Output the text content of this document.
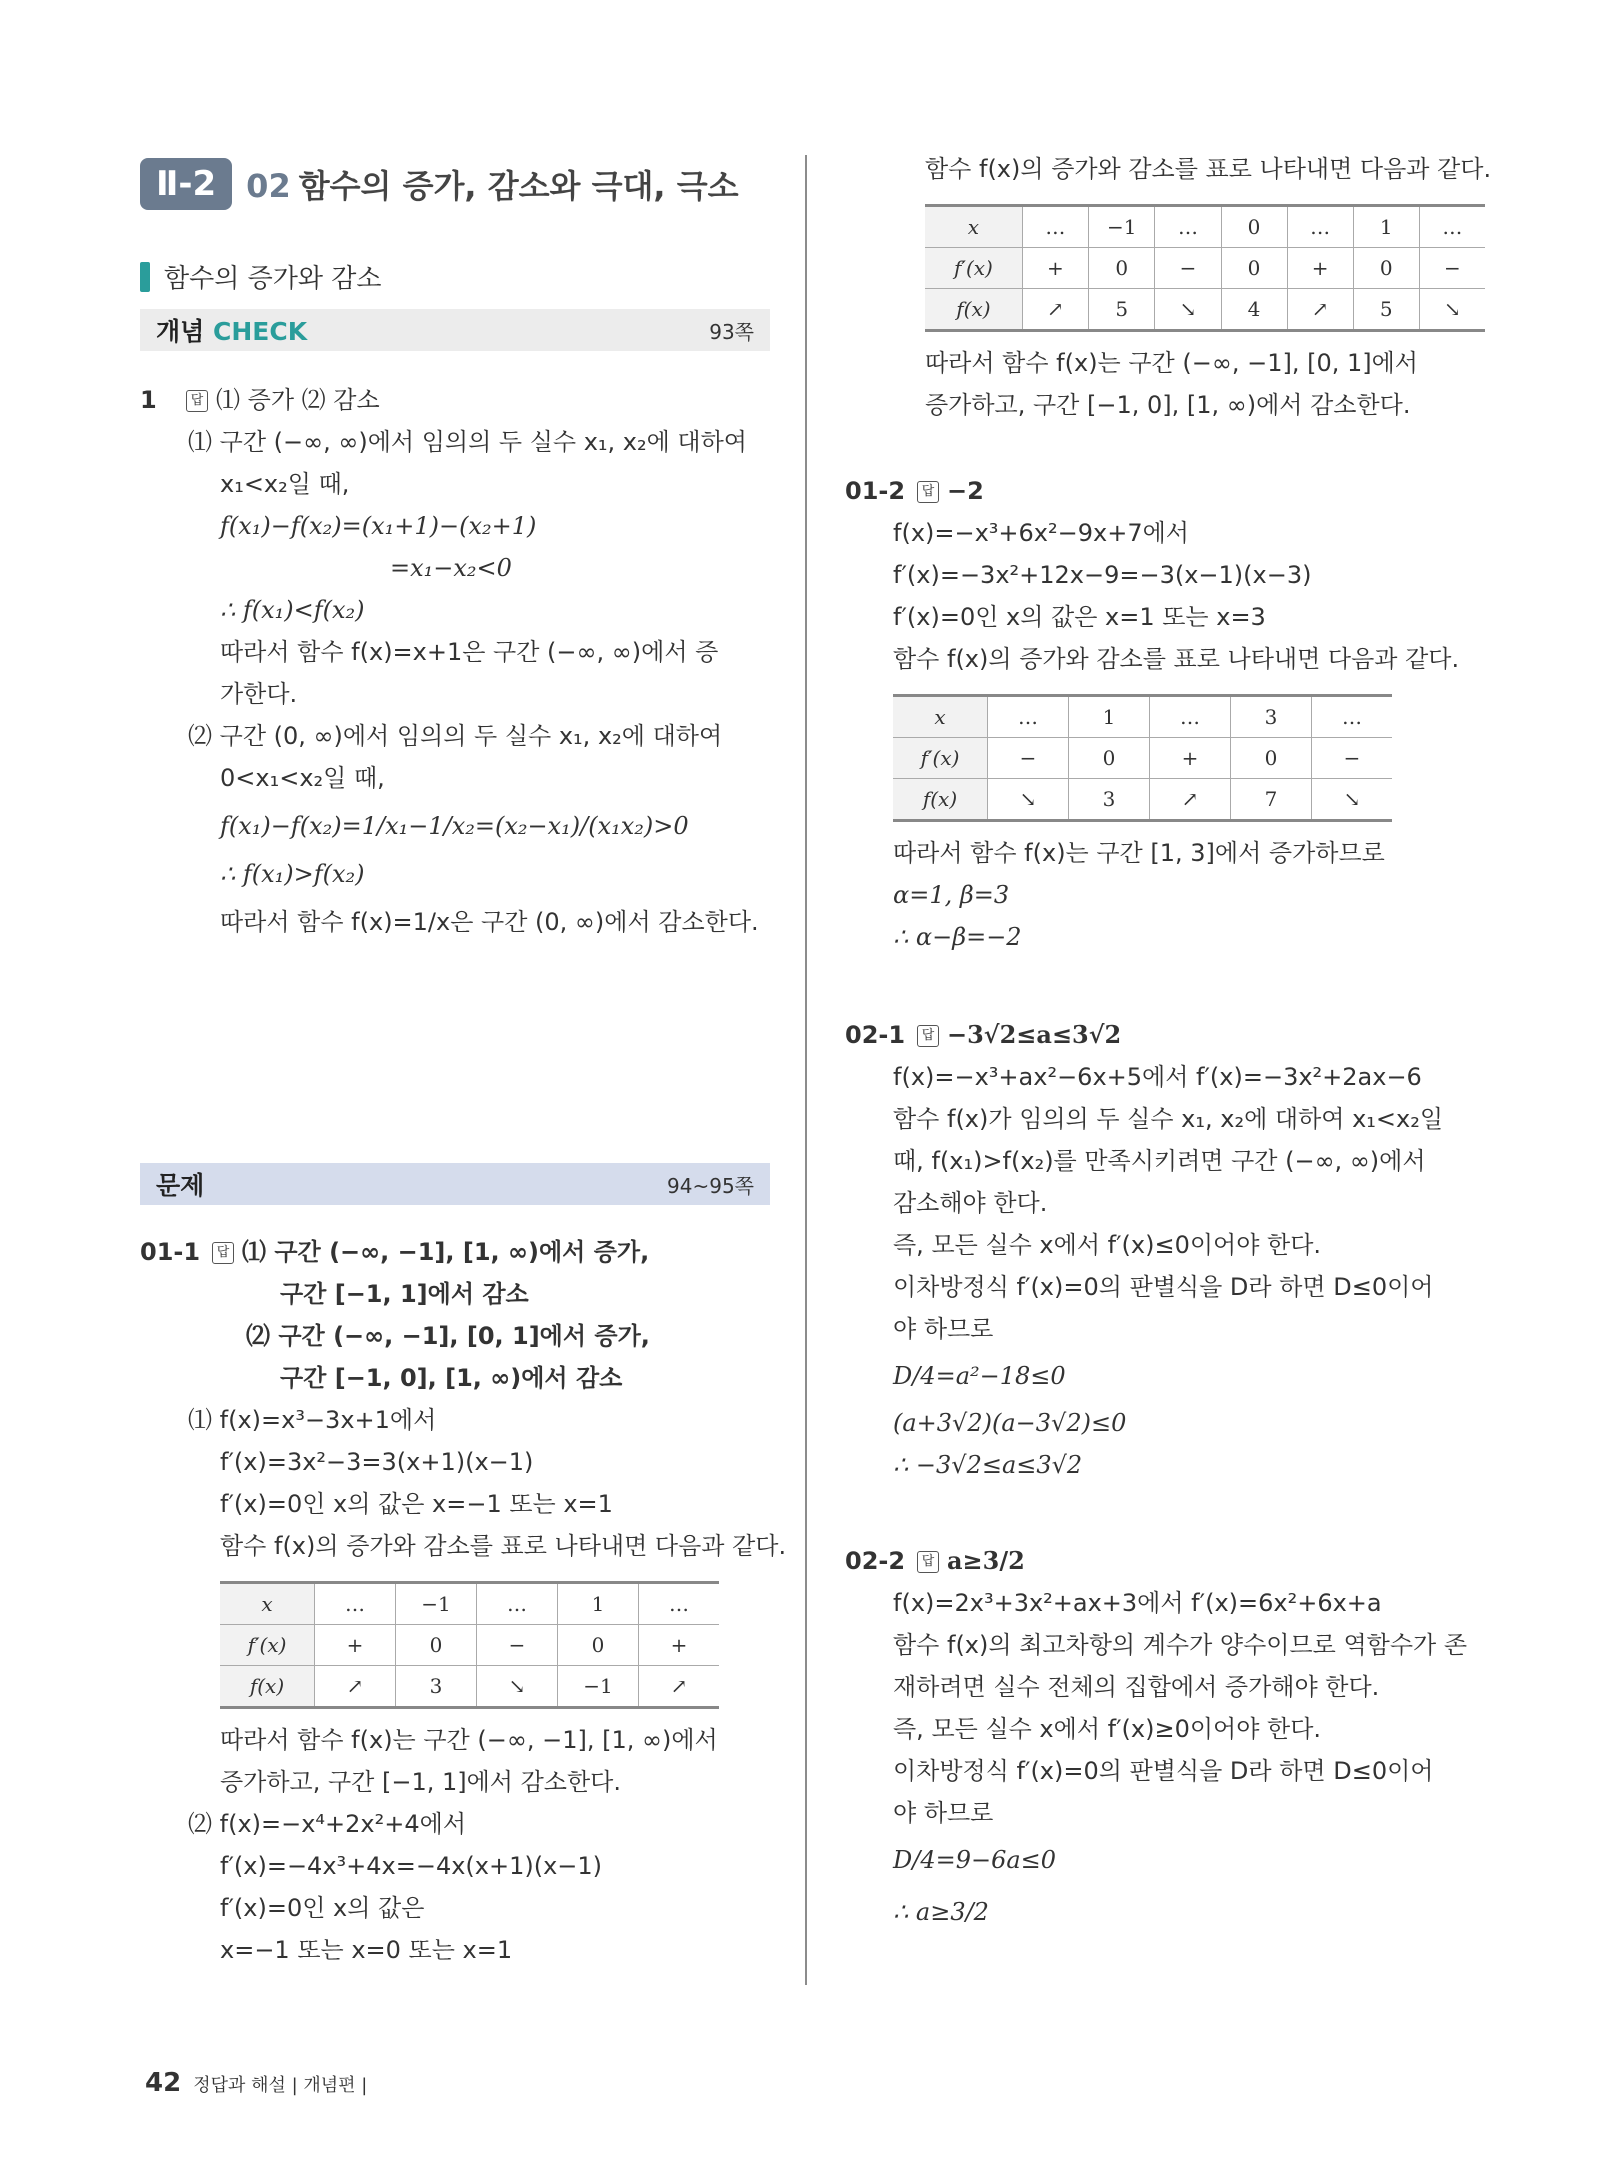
Ⅱ-2 02 함수의 증가, 감소와 극대, 극소
함수의 증가와 감소
개념 CHECK	93쪽
1	답 ⑴ 증가 ⑵ 감소
⑴ 구간 (−∞, ∞)에서 임의의 두 실수 x₁, x₂에 대하여
x₁<x₂일 때,
f(x₁)−f(x₂)=(x₁+1)−(x₂+1)
=x₁−x₂<0
∴ f(x₁)<f(x₂)
따라서 함수 f(x)=x+1은 구간 (−∞, ∞)에서 증
가한다.
⑵ 구간 (0, ∞)에서 임의의 두 실수 x₁, x₂에 대하여
0<x₁<x₂일 때,
f(x₁)−f(x₂)=1/x₁−1/x₂=(x₂−x₁)/(x₁x₂)>0
∴ f(x₁)>f(x₂)
따라서 함수 f(x)=1/x은 구간 (0, ∞)에서 감소한다.
문제	94~95쪽
01-1 답 ⑴ 구간 (−∞, −1], [1, ∞)에서 증가,
구간 [−1, 1]에서 감소
⑵ 구간 (−∞, −1], [0, 1]에서 증가,
구간 [−1, 0], [1, ∞)에서 감소
⑴ f(x)=x³−3x+1에서
f′(x)=3x²−3=3(x+1)(x−1)
f′(x)=0인 x의 값은 x=−1 또는 x=1
함수 f(x)의 증가와 감소를 표로 나타내면 다음과 같다.
x	…	−1	…	1	…
f′(x)	+	0	−	0	+
f(x)	↗	3	↘	−1	↗
따라서 함수 f(x)는 구간 (−∞, −1], [1, ∞)에서
증가하고, 구간 [−1, 1]에서 감소한다.
⑵ f(x)=−x⁴+2x²+4에서
f′(x)=−4x³+4x=−4x(x+1)(x−1)
f′(x)=0인 x의 값은
x=−1 또는 x=0 또는 x=1
함수 f(x)의 증가와 감소를 표로 나타내면 다음과 같다.
x	…	−1	…	0	…	1	…
f′(x)	+	0	−	0	+	0	−
f(x)	↗	5	↘	4	↗	5	↘
따라서 함수 f(x)는 구간 (−∞, −1], [0, 1]에서
증가하고, 구간 [−1, 0], [1, ∞)에서 감소한다.
01-2 답 −2
f(x)=−x³+6x²−9x+7에서
f′(x)=−3x²+12x−9=−3(x−1)(x−3)
f′(x)=0인 x의 값은 x=1 또는 x=3
함수 f(x)의 증가와 감소를 표로 나타내면 다음과 같다.
x	…	1	…	3	…
f′(x)	−	0	+	0	−
f(x)	↘	3	↗	7	↘
따라서 함수 f(x)는 구간 [1, 3]에서 증가하므로
α=1, β=3
∴ α−β=−2
02-1 답 −3√2≤a≤3√2
f(x)=−x³+ax²−6x+5에서 f′(x)=−3x²+2ax−6
함수 f(x)가 임의의 두 실수 x₁, x₂에 대하여 x₁<x₂일
때, f(x₁)>f(x₂)를 만족시키려면 구간 (−∞, ∞)에서
감소해야 한다.
즉, 모든 실수 x에서 f′(x)≤0이어야 한다.
이차방정식 f′(x)=0의 판별식을 D라 하면 D≤0이어
야 하므로
D/4=a²−18≤0
(a+3√2)(a−3√2)≤0
∴ −3√2≤a≤3√2
02-2 답 a≥3/2
f(x)=2x³+3x²+ax+3에서 f′(x)=6x²+6x+a
함수 f(x)의 최고차항의 계수가 양수이므로 역함수가 존
재하려면 실수 전체의 집합에서 증가해야 한다.
즉, 모든 실수 x에서 f′(x)≥0이어야 한다.
이차방정식 f′(x)=0의 판별식을 D라 하면 D≤0이어
야 하므로
D/4=9−6a≤0
∴ a≥3/2
42 정답과 해설 | 개념편 |
